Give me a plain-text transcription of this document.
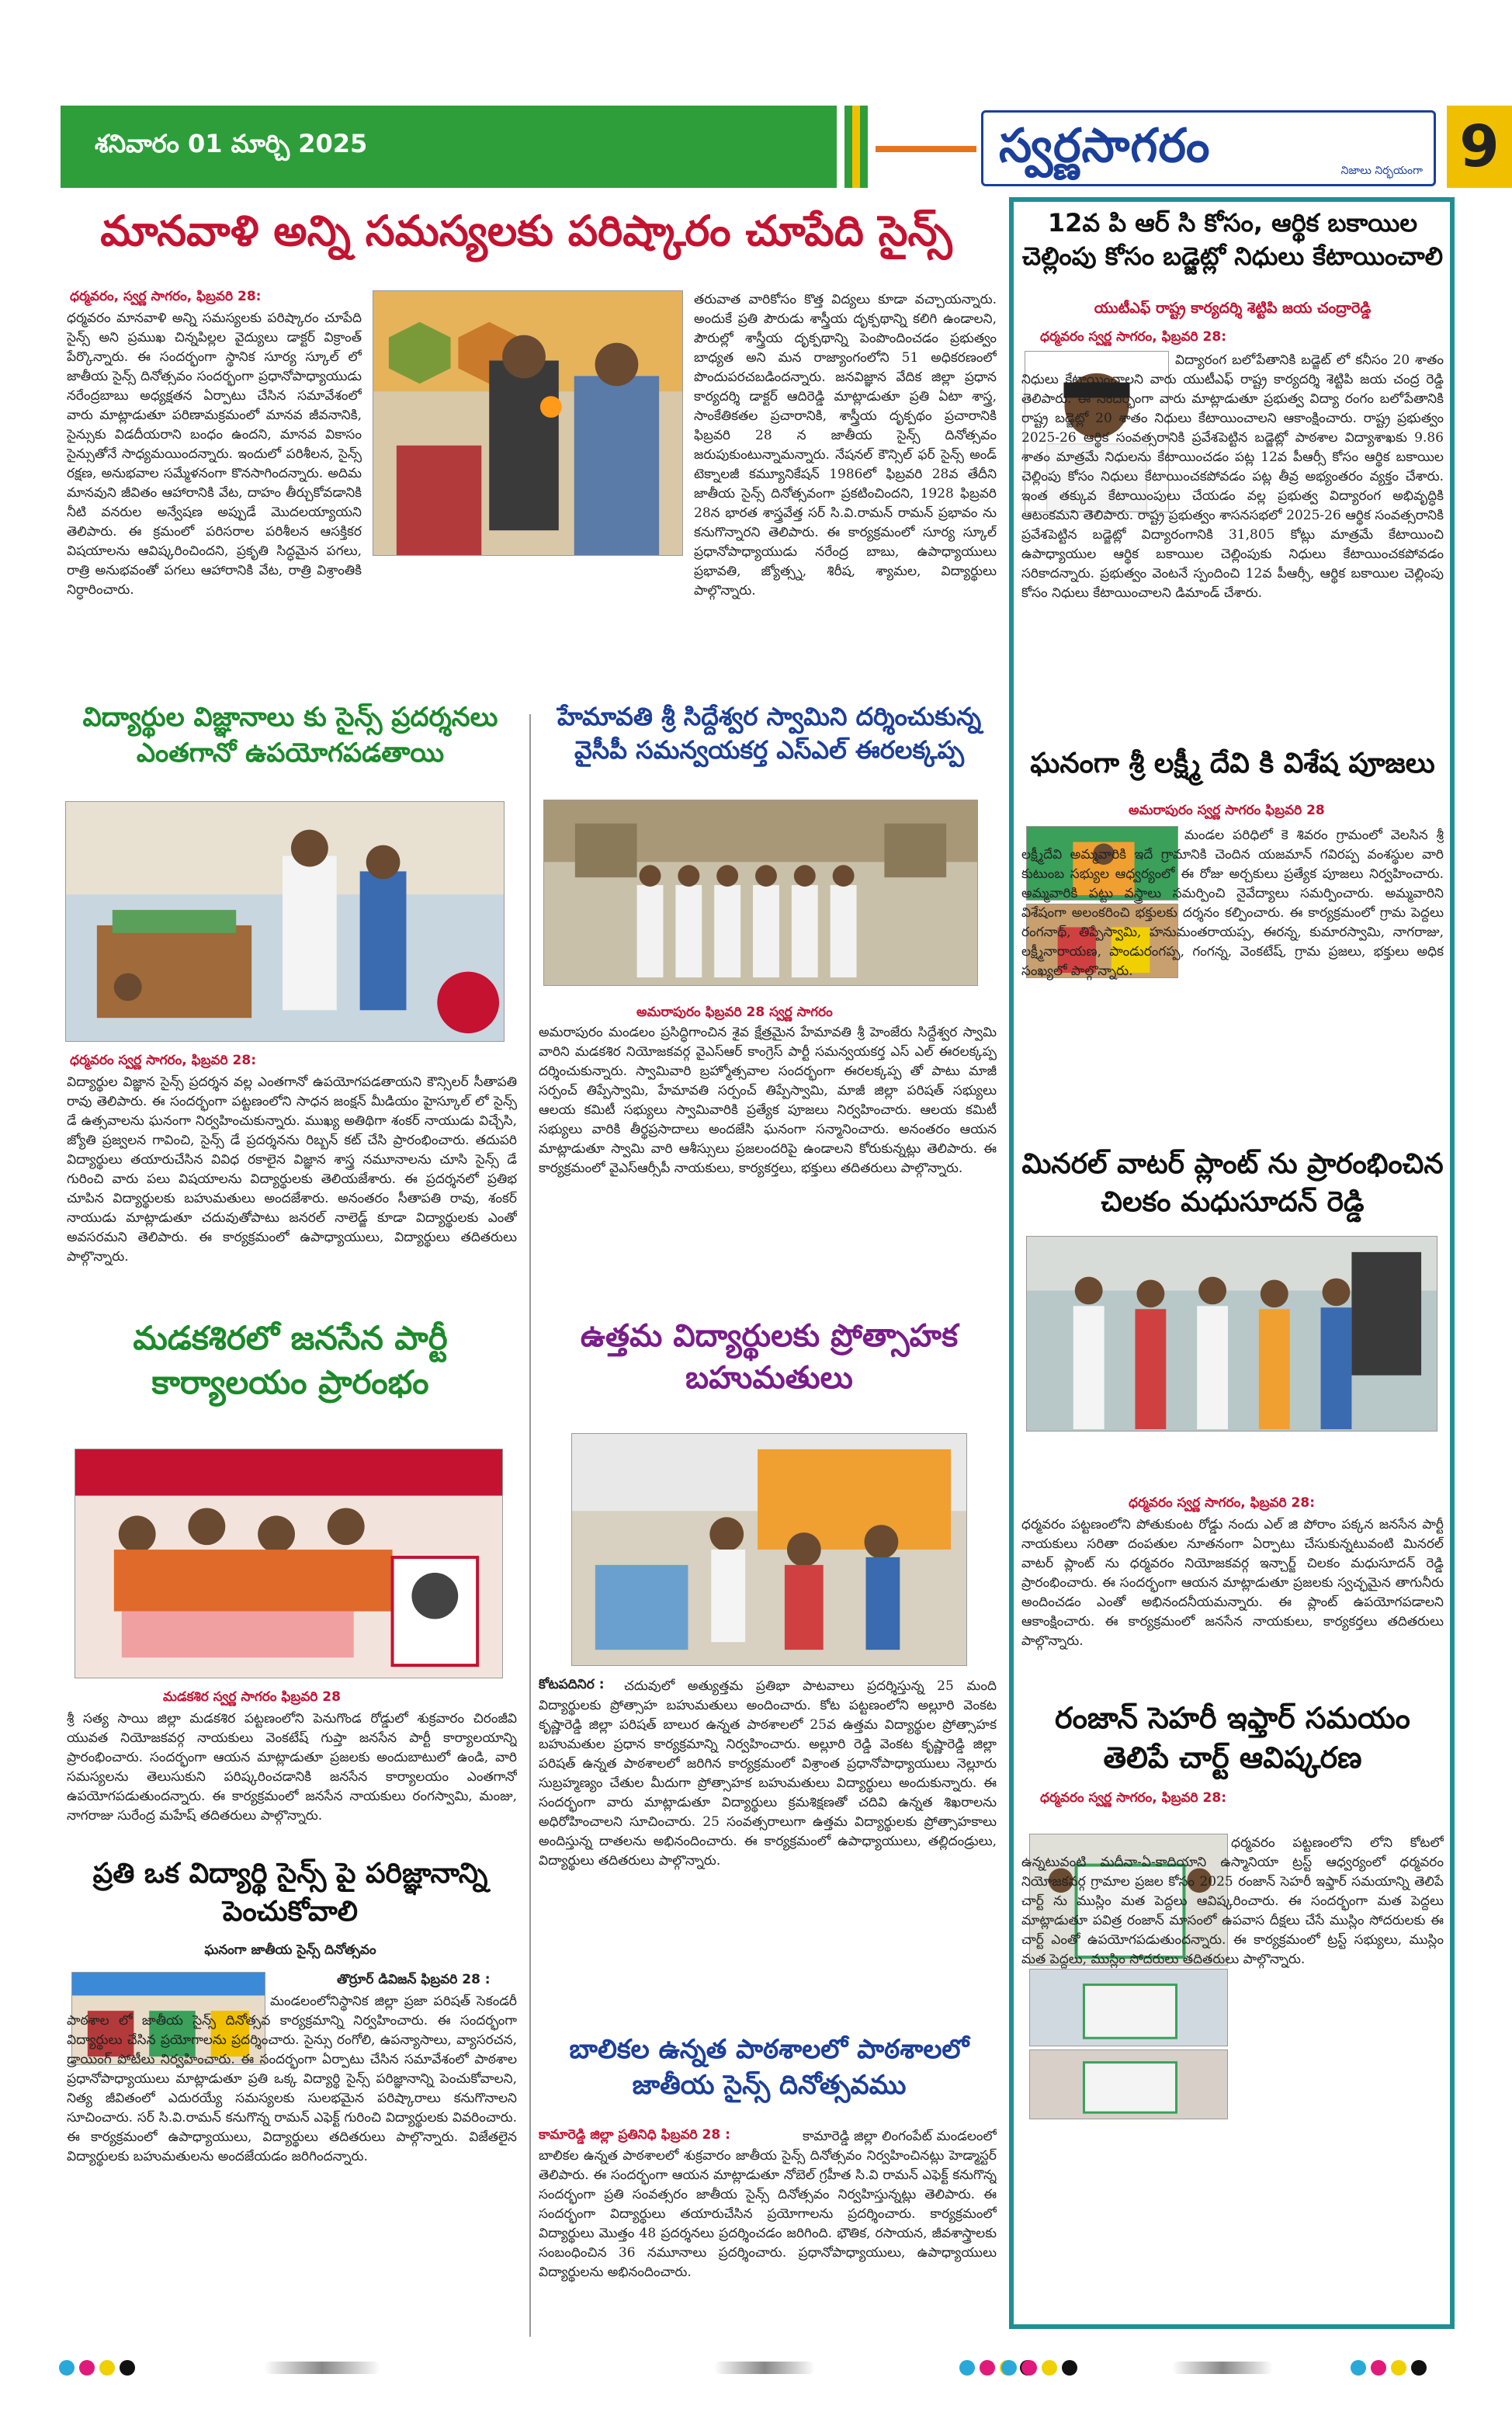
శనివారం 01 మార్చి 2025	స్వర్ణసాగరం	నిజాలు నిర్భయంగా 9
మానవాళి అన్ని సమస్యలకు పరిష్కారం చూపేది సైన్స్
ధర్మవరం, స్వర్ణ సాగరం, ఫిబ్రవరి 28:
ధర్మవరం మానవాళి అన్ని సమస్యలకు పరిష్కారం చూపేది సైన్స్ అని ప్రముఖ చిన్నపిల్లల వైద్యులు డాక్టర్ విక్రాంత్ పేర్కొన్నారు. ఈ సందర్భంగా స్థానిక సూర్య స్కూల్ లో జాతీయ సైన్స్ దినోత్సవం సందర్భంగా ప్రధానోపాధ్యాయుడు నరేంద్రబాబు అధ్యక్షతన ఏర్పాటు చేసిన సమావేశంలో వారు మాట్లాడుతూ పరిణామక్రమంలో మానవ జీవనానికి, సైన్సుకు విడదీయరాని బంధం ఉందని, మానవ వికాసం సైన్సుతోనే సాధ్యమయిందన్నారు. ఇందులో పరిశీలన, సైన్స్ రక్షణ, అనుభవాల సమ్మేళనంగా కొనసాగిందన్నారు. అదిమ మానవుని జీవితం ఆహారానికి వేట, దాహం తీర్చుకోవడానికి నీటి వనరుల అన్వేషణ అప్పుడే మొదలయ్యాయని తెలిపారు. ఈ క్రమంలో పరిసరాల పరిశీలన ఆసక్తికర విషయాలను ఆవిష్కరించిందని, ప్రకృతి సిద్ధమైన పగలు, రాత్రి అనుభవంతో పగలు ఆహారానికి వేట, రాత్రి విశ్రాంతికి నిర్ధారించారు.
తరువాత వారికోసం కొత్త విద్యలు కూడా వచ్చాయన్నారు. అందుకే ప్రతి పౌరుడు శాస్త్రీయ దృక్పథాన్ని కలిగి ఉండాలని, పౌరుల్లో శాస్త్రీయ దృక్పథాన్ని పెంపొందించడం ప్రభుత్వం బాధ్యత అని మన రాజ్యాంగంలోని 51 అధికరణంలో పొందుపరచబడిందన్నారు. జనవిజ్ఞాన వేదిక జిల్లా ప్రధాన కార్యదర్శి డాక్టర్ ఆదిరెడ్డి మాట్లాడుతూ ప్రతి ఏటా శాస్త్ర, సాంకేతికతల ప్రచారానికి, శాస్త్రీయ దృక్పథం ప్రచారానికి ఫిబ్రవరి 28 న జాతీయ సైన్స్ దినోత్సవం జరుపుకుంటున్నామన్నారు. నేషనల్ కౌన్సిల్ ఫర్ సైన్స్ అండ్ టెక్నాలజీ కమ్యూనికేషన్ 1986లో ఫిబ్రవరి 28వ తేదీని జాతీయ సైన్స్ దినోత్సవంగా ప్రకటించిందని, 1928 ఫిబ్రవరి 28న భారత శాస్త్రవేత్త సర్ సి.వి.రామన్ రామన్ ప్రభావం ను కనుగొన్నారని తెలిపారు. ఈ కార్యక్రమంలో సూర్య స్కూల్ ప్రధానోపాధ్యాయుడు నరేంద్ర బాబు, ఉపాధ్యాయులు ప్రభావతి, జ్యోత్స్న, శిరీష, శ్యామల, విద్యార్థులు పాల్గొన్నారు.
విద్యార్థుల విజ్ఞానాలు కు సైన్స్ ప్రదర్శనలు ఎంతగానో ఉపయోగపడతాయి
ధర్మవరం స్వర్ణ సాగరం, ఫిబ్రవరి 28:
విద్యార్థుల విజ్ఞాన సైన్స్ ప్రదర్శన వల్ల ఎంతగానో ఉపయోగపడతాయని కౌన్సిలర్ సీతాపతి రావు తెలిపారు. ఈ సందర్భంగా పట్టణంలోని సాధన జంక్షన్ మీడియం హైస్కూల్ లో సైన్స్ డే ఉత్సవాలను ఘనంగా నిర్వహించుకున్నారు. ముఖ్య అతిథిగా శంకర్ నాయుడు విచ్చేసి, జ్యోతి ప్రజ్వలన గావించి, సైన్స్ డే ప్రదర్శనను రిబ్బన్ కట్ చేసి ప్రారంభించారు. తదుపరి విద్యార్థులు తయారుచేసిన వివిధ రకాలైన విజ్ఞాన శాస్త్ర నమూనాలను చూసి సైన్స్ డే గురించి వారు పలు విషయాలను విద్యార్థులకు తెలియజేశారు. ఈ ప్రదర్శనలో ప్రతిభ చూపిన విద్యార్థులకు బహుమతులు అందజేశారు. అనంతరం సీతాపతి రావు, శంకర్ నాయుడు మాట్లాడుతూ చదువుతోపాటు జనరల్ నాలెడ్జ్ కూడా విద్యార్థులకు ఎంతో అవసరమని తెలిపారు. ఈ కార్యక్రమంలో ఉపాధ్యాయులు, విద్యార్థులు తదితరులు పాల్గొన్నారు.
మడకశిరలో జనసేన పార్టీ కార్యాలయం ప్రారంభం
మడకశిర స్వర్ణ సాగరం ఫిబ్రవరి 28
శ్రీ సత్య సాయి జిల్లా మడకశిర పట్టణంలోని పెనుగొండ రోడ్డులో శుక్రవారం చిరంజీవి యువత నియోజకవర్గ నాయకులు వెంకటేష్ గుప్తా జనసేన పార్టీ కార్యాలయాన్ని ప్రారంభించారు. సందర్భంగా ఆయన మాట్లాడుతూ ప్రజలకు అందుబాటులో ఉండి, వారి సమస్యలను తెలుసుకుని పరిష్కరించడానికి జనసేన కార్యాలయం ఎంతగానో ఉపయోగపడుతుందన్నారు. ఈ కార్యక్రమంలో జనసేన నాయకులు రంగస్వామి, మంజు, నాగరాజు సురేంద్ర మహేష్ తదితరులు పాల్గొన్నారు.
ప్రతి ఒక విద్యార్థి సైన్స్ పై పరిజ్ఞానాన్ని పెంచుకోవాలి
ఘనంగా జాతీయ సైన్స్ దినోత్సవం
తొర్రూర్ డివిజన్ ఫిబ్రవరి 28 :
మండలంలోనిస్థానిక జిల్లా ప్రజా పరిషత్ సెకండరీ పాఠశాల లో జాతీయ సైన్స్ దినోత్సవ కార్యక్రమాన్ని నిర్వహించారు. ఈ సందర్భంగా విద్యార్థులు చేసిన ప్రయోగాలను ప్రదర్శించారు. సైన్సు రంగోలి, ఉపన్యాసాలు, వ్యాసరచన, డ్రాయింగ్ పోటీలు నిర్వహించారు. ఈ సందర్భంగా ఏర్పాటు చేసిన సమావేశంలో పాఠశాల ప్రధానోపాధ్యాయులు మాట్లాడుతూ ప్రతి ఒక్క విద్యార్థి సైన్స్ పరిజ్ఞానాన్ని పెంచుకోవాలని, నిత్య జీవితంలో ఎదురయ్యే సమస్యలకు సులభమైన పరిష్కారాలు కనుగొనాలని సూచించారు. సర్ సి.వి.రామన్ కనుగొన్న రామన్ ఎఫెక్ట్ గురించి విద్యార్థులకు వివరించారు. ఈ కార్యక్రమంలో ఉపాధ్యాయులు, విద్యార్థులు తదితరులు పాల్గొన్నారు. విజేతలైన విద్యార్థులకు బహుమతులను అందజేయడం జరిగిందన్నారు.
హేమావతి శ్రీ సిద్దేశ్వర స్వామిని దర్శించుకున్న వైసీపీ సమన్వయకర్త ఎస్ఎల్ ఈరలక్కప్ప
అమరాపురం ఫిబ్రవరి 28 స్వర్ణ సాగరం
అమరాపురం మండలం ప్రసిద్ధిగాంచిన శైవ క్షేత్రమైన హేమావతి శ్రీ హెంజేరు సిద్దేశ్వర స్వామి వారిని మడకశిర నియోజకవర్గ వైఎస్ఆర్ కాంగ్రెస్ పార్టీ సమన్వయకర్త ఎస్ ఎల్ ఈరలక్కప్ప దర్శించుకున్నారు. స్వామివారి బ్రహ్మోత్సవాల సందర్భంగా ఈరలక్కప్ప తో పాటు మాజీ సర్పంచ్ తిప్పేస్వామి, హేమావతి సర్పంచ్ తిప్పేస్వామి, మాజీ జిల్లా పరిషత్ సభ్యులు ఆలయ కమిటీ సభ్యులు స్వామివారికి ప్రత్యేక పూజలు నిర్వహించారు. ఆలయ కమిటీ సభ్యులు వారికి తీర్థప్రసాదాలు అందజేసి ఘనంగా సన్మానించారు. అనంతరం ఆయన మాట్లాడుతూ స్వామి వారి ఆశీస్సులు ప్రజలందరిపై ఉండాలని కోరుకున్నట్లు తెలిపారు. ఈ కార్యక్రమంలో వైఎస్ఆర్సీపీ నాయకులు, కార్యకర్తలు, భక్తులు తదితరులు పాల్గొన్నారు.
ఉత్తమ విద్యార్థులకు ప్రోత్సాహక బహుమతులు
కోటపదినిర :	చదువులో అత్యుత్తమ ప్రతిభా పాటవాలు ప్రదర్శిస్తున్న 25 మంది విద్యార్థులకు ప్రోత్సాహ బహుమతులు అందించారు. కోట పట్టణంలోని అల్లూరి వెంకట కృష్ణారెడ్డి జిల్లా పరిషత్ బాలుర ఉన్నత పాఠశాలలో 25వ ఉత్తమ విద్యార్థుల ప్రోత్సాహక బహుమతుల ప్రధాన కార్యక్రమాన్ని నిర్వహించారు. అల్లూరి రెడ్డి వెంకట కృష్ణారెడ్డి జిల్లా పరిషత్ ఉన్నత పాఠశాలలో జరిగిన కార్యక్రమంలో విశ్రాంత ప్రధానోపాధ్యాయులు నెల్లూరు సుబ్రహ్మణ్యం చేతుల మీదుగా ప్రోత్సాహక బహుమతులు విద్యార్థులు అందుకున్నారు. ఈ సందర్భంగా వారు మాట్లాడుతూ విద్యార్థులు క్రమశిక్షణతో చదివి ఉన్నత శిఖరాలను అధిరోహించాలని సూచించారు. 25 సంవత్సరాలుగా ఉత్తమ విద్యార్థులకు ప్రోత్సాహకాలు అందిస్తున్న దాతలను అభినందించారు. ఈ కార్యక్రమంలో ఉపాధ్యాయులు, తల్లిదండ్రులు, విద్యార్థులు తదితరులు పాల్గొన్నారు.
బాలికల ఉన్నత పాఠశాలలో పాఠశాలలో జాతీయ సైన్స్ దినోత్సవము
కామారెడ్డి జిల్లా ప్రతినిధి ఫిబ్రవరి 28 :	కామారెడ్డి జిల్లా లింగంపేట్ మండలంలో బాలికల ఉన్నత పాఠశాలలో శుక్రవారం జాతీయ సైన్స్ దినోత్సవం నిర్వహించినట్లు హెడ్మాస్టర్ తెలిపారు. ఈ సందర్భంగా ఆయన మాట్లాడుతూ నోబెల్ గ్రహీత సి.వి రామన్ ఎఫెక్ట్ కనుగొన్న సందర్భంగా ప్రతి సంవత్సరం జాతీయ సైన్స్ దినోత్సవం నిర్వహిస్తున్నట్లు తెలిపారు. ఈ సందర్భంగా విద్యార్థులు తయారుచేసిన ప్రయోగాలను ప్రదర్శించారు. కార్యక్రమంలో విద్యార్థులు మొత్తం 48 ప్రదర్శనలు ప్రదర్శించడం జరిగింది. భౌతిక, రసాయన, జీవశాస్త్రాలకు సంబంధించిన 36 నమూనాలు ప్రదర్శించారు. ప్రధానోపాధ్యాయులు, ఉపాధ్యాయులు విద్యార్థులను అభినందించారు.
12వ పి ఆర్ సి కోసం, ఆర్థిక బకాయిల చెల్లింపు కోసం బడ్జెట్లో నిధులు కేటాయించాలి
యుటీఎఫ్ రాష్ట్ర కార్యదర్శి శెట్టిపి జయ చంద్రారెడ్డి
ధర్మవరం స్వర్ణ సాగరం, ఫిబ్రవరి 28:
విద్యారంగ బలోపేతానికి బడ్జెట్ లో కనీసం 20 శాతం నిధులు కేటాయించాలని వారు యుటీఎఫ్ రాష్ట్ర కార్యదర్శి శెట్టిపి జయ చంద్ర రెడ్డి తెలిపారు. ఈ సందర్భంగా వారు మాట్లాడుతూ ప్రభుత్వ విద్యా రంగం బలోపేతానికి రాష్ట్ర బడ్జెట్లో 20 శాతం నిధులు కేటాయించాలని ఆకాంక్షించారు. రాష్ట్ర ప్రభుత్వం 2025-26 ఆర్థిక సంవత్సరానికి ప్రవేశపెట్టిన బడ్జెట్లో పాఠశాల విద్యాశాఖకు 9.86 శాతం మాత్రమే నిధులను కేటాయించడం పట్ల 12వ పీఆర్సీ కోసం ఆర్థిక బకాయిల చెల్లింపు కోసం నిధులు కేటాయించకపోవడం పట్ల తీవ్ర అభ్యంతరం వ్యక్తం చేశారు. ఇంత తక్కువ కేటాయింపులు చేయడం వల్ల ప్రభుత్వ విద్యారంగ అభివృద్ధికి ఆటంకమని తెలిపారు. రాష్ట్ర ప్రభుత్వం శాసనసభలో 2025-26 ఆర్థిక సంవత్సరానికి ప్రవేశపెట్టిన బడ్జెట్లో విద్యారంగానికి 31,805 కోట్లు మాత్రమే కేటాయించి ఉపాధ్యాయుల ఆర్థిక బకాయిల చెల్లింపుకు నిధులు కేటాయించకపోవడం సరికాదన్నారు. ప్రభుత్వం వెంటనే స్పందించి 12వ పీఆర్సీ, ఆర్థిక బకాయిల చెల్లింపు కోసం నిధులు కేటాయించాలని డిమాండ్ చేశారు.
ఘనంగా శ్రీ లక్ష్మీ దేవి కి విశేష పూజలు
అమరాపురం స్వర్ణ సాగరం ఫిబ్రవరి 28
మండల పరిధిలో కె శివరం గ్రామంలో వెలసిన శ్రీ లక్ష్మీదేవి అమ్మవారికి ఇదే గ్రామానికి చెందిన యజమాన్ గవిరప్ప వంశస్థుల వారి కుటుంబ సభ్యుల ఆధ్వర్యంలో ఈ రోజు అర్చకులు ప్రత్యేక పూజలు నిర్వహించారు. అమ్మవారికి పట్టు వస్త్రాలు సమర్పించి నైవేద్యాలు సమర్పించారు. అమ్మవారిని విశేషంగా అలంకరించి భక్తులకు దర్శనం కల్పించారు. ఈ కార్యక్రమంలో గ్రామ పెద్దలు రంగనాథ్, తిప్పేస్వామి, హనుమంతరాయప్ప, ఈరన్న, కుమారస్వామి, నాగరాజు, లక్ష్మీనారాయణ, పాండురంగప్ప, గంగన్న, వెంకటేష్, గ్రామ ప్రజలు, భక్తులు అధిక సంఖ్యలో పాల్గొన్నారు.
మినరల్ వాటర్ ప్లాంట్ ను ప్రారంభించిన చిలకం మధుసూదన్ రెడ్డి
ధర్మవరం స్వర్ణ సాగరం, ఫిబ్రవరి 28:
ధర్మవరం పట్టణంలోని పోతుకుంట రోడ్డు నందు ఎల్ జి పోరాం పక్కన జనసేన పార్టీ నాయకులు సరితా దంపతుల నూతనంగా ఏర్పాటు చేసుకున్నటువంటి మినరల్ వాటర్ ప్లాంట్ ను ధర్మవరం నియోజకవర్గ ఇన్చార్జ్ చిలకం మధుసూదన్ రెడ్డి ప్రారంభించారు. ఈ సందర్భంగా ఆయన మాట్లాడుతూ ప్రజలకు స్వచ్ఛమైన తాగునీరు అందించడం ఎంతో అభినందనీయమన్నారు. ఈ ప్లాంట్ ఉపయోగపడాలని ఆకాంక్షించారు. ఈ కార్యక్రమంలో జనసేన నాయకులు, కార్యకర్తలు తదితరులు పాల్గొన్నారు.
రంజాన్ సెహరీ ఇఫ్తార్ సమయం తెలిపే చార్ట్ ఆవిష్కరణ
ధర్మవరం స్వర్ణ సాగరం, ఫిబ్రవరి 28:
ధర్మవరం పట్టణంలోని లోని కోటలో ఉన్నటువంటి మదీనా-ఏ-కాదియాని ఉస్మానియా ట్రస్ట్ ఆధ్వర్యంలో ధర్మవరం నియోజకవర్గ గ్రామాల ప్రజల కోసం 2025 రంజాన్ సెహరీ ఇఫ్తార్ సమయాన్ని తెలిపే చార్ట్ ను ముస్లిం మత పెద్దలు ఆవిష్కరించారు. ఈ సందర్భంగా మత పెద్దలు మాట్లాడుతూ పవిత్ర రంజాన్ మాసంలో ఉపవాస దీక్షలు చేసే ముస్లిం సోదరులకు ఈ చార్ట్ ఎంతో ఉపయోగపడుతుందన్నారు. ఈ కార్యక్రమంలో ట్రస్ట్ సభ్యులు, ముస్లిం మత పెద్దలు, ముస్లిం సోదరులు తదితరులు పాల్గొన్నారు.
